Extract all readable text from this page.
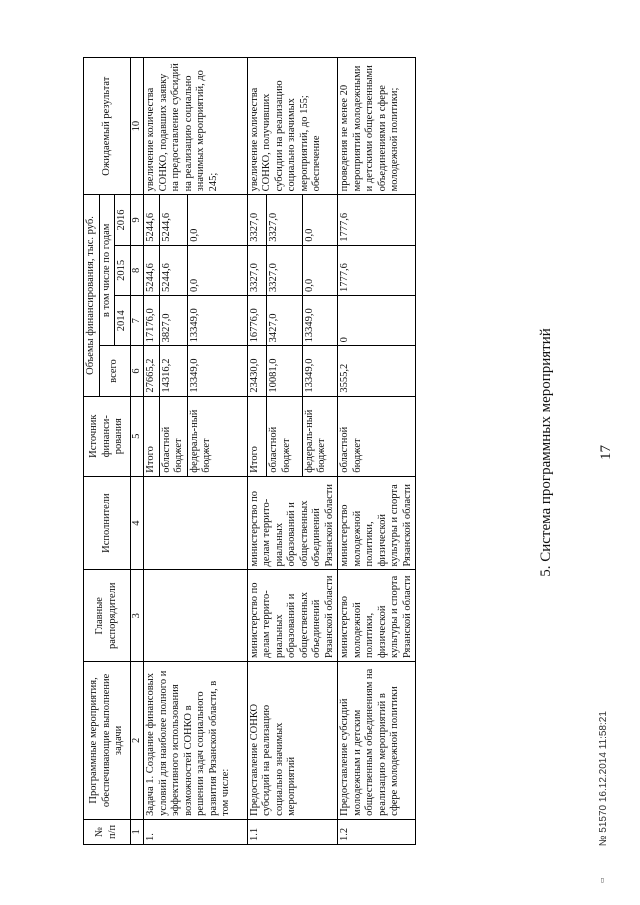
17
5. Система программных мероприятий
№ п/п	Программные мероприятия, обеспечивающие выполнение задачи	Главные распорядители	Исполнители	Источник финанси-рования	Объемы финансирования, тыс. руб.				Ожидаемый результат
					всего	в том числе по годам			
						2014	2015	2016	
1	2	3	4	5	6	7	8	9	10
1.	Задача 1. Создание финансовых условий для наиболее полного и эффективного использования возможностей СОНКО в решении задач социального развития Рязанской области, в том числе:			Итого	27665,2	17176,0	5244,6	5244,6	увеличение количества СОНКО, подавших заявку на предоставление субсидий на реализацию социально значимых мероприятий, до 245;
				областной бюджет	14316,2	3827,0	5244,6	5244,6	
				федераль-ный бюджет	13349,0	13349,0	0,0	0,0	
1.1	Предоставление СОНКО субсидий на реализацию социально значимых мероприятий	министерство по делам террито-риальных образований и общественных объединений Рязанской области	министерство по делам террито-риальных образований и общественных объединений Рязанской области	Итого	23430,0	16776,0	3327,0	3327,0	увеличение количества СОНКО, получивших субсидии на реализацию социально значимых мероприятий, до 155; обеспечение
				областной бюджет	10081,0	3427,0	3327,0	3327,0	
				федераль-ный бюджет	13349,0	13349,0	0,0	0,0	
1.2	Предоставление субсидий молодежным и детским общественным объединениям на реализацию мероприятий в сфере молодежной политики	министерство молодежной политики, физической культуры и спорта Рязанской области	министерство молодежной политики, физической культуры и спорта Рязанской области	областной бюджет	3555,2	0	1777,6	1777,6	проведения не менее 20 мероприятий молодежными и детскими общественными объединениями в сфере молодежной политики;
▭ № 51570 16.12.2014 11:58:21
